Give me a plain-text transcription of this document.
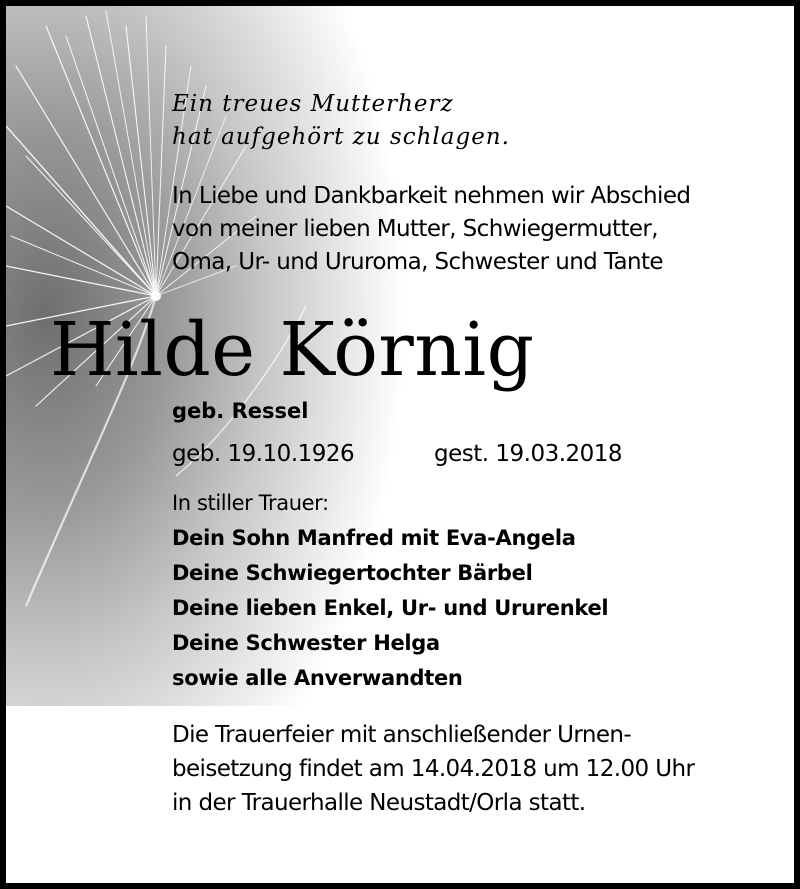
Ein treues Mutterherz
hat aufgehört zu schlagen.

In Liebe und Dankbarkeit nehmen wir Abschied
von meiner lieben Mutter, Schwiegermutter,
Oma, Ur- und Ururoma, Schwester und Tante

Hilde Körnig
geb. Ressel
geb. 19.10.1926	gest. 19.03.2018
In stiller Trauer:
Dein Sohn Manfred mit Eva-Angela
Deine Schwiegertochter Bärbel
Deine lieben Enkel, Ur- und Ururenkel
Deine Schwester Helga
sowie alle Anverwandten

Die Trauerfeier mit anschließender Urnen-
beisetzung findet am 14.04.2018 um 12.00 Uhr
in der Trauerhalle Neustadt/Orla statt.
